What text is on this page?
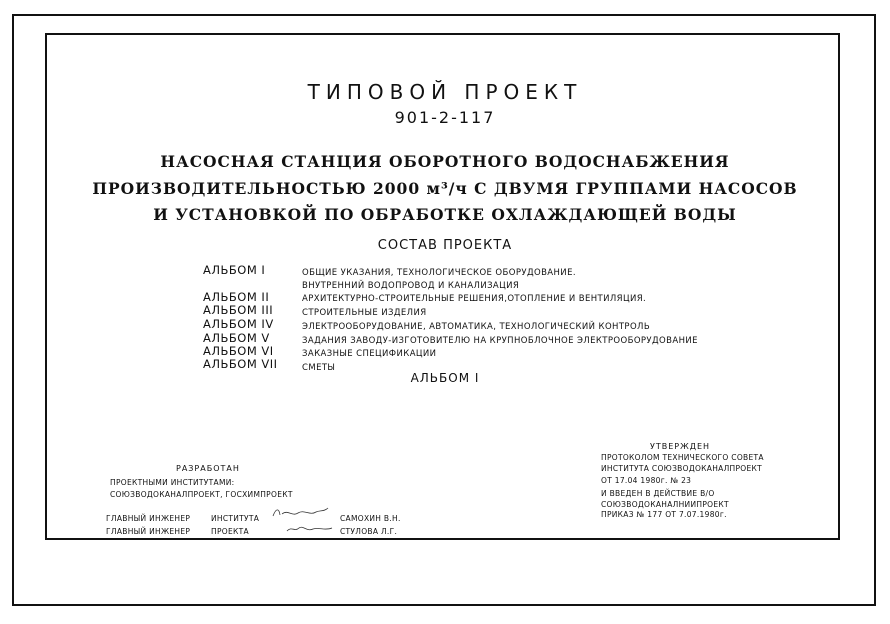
ТИПОВОЙ ПРОЕКТ
901-2-117
НАСОСНАЯ СТАНЦИЯ ОБОРОТНОГО ВОДОСНАБЖЕНИЯ
ПРОИЗВОДИТЕЛЬНОСТЬЮ 2000 м³/ч С ДВУМЯ ГРУППАМИ НАСОСОВ
И УСТАНОВКОЙ ПО ОБРАБОТКЕ ОХЛАЖДАЮЩЕЙ ВОДЫ
СОСТАВ ПРОЕКТА
АЛЬБОМ I	ОБЩИЕ УКАЗАНИЯ, ТЕХНОЛОГИЧЕСКОЕ ОБОРУДОВАНИЕ.
ВНУТРЕННИЙ ВОДОПРОВОД И КАНАЛИЗАЦИЯ
АЛЬБОМ II	АРХИТЕКТУРНО-СТРОИТЕЛЬНЫЕ РЕШЕНИЯ,ОТОПЛЕНИЕ И ВЕНТИЛЯЦИЯ.
АЛЬБОМ III	СТРОИТЕЛЬНЫЕ ИЗДЕЛИЯ
АЛЬБОМ IV	ЭЛЕКТРООБОРУДОВАНИЕ, АВТОМАТИКА, ТЕХНОЛОГИЧЕСКИЙ КОНТРОЛЬ
АЛЬБОМ V	ЗАДАНИЯ ЗАВОДУ-ИЗГОТОВИТЕЛЮ НА КРУПНОБЛОЧНОЕ ЭЛЕКТРООБОРУДОВАНИЕ
АЛЬБОМ VI	ЗАКАЗНЫЕ СПЕЦИФИКАЦИИ
АЛЬБОМ VII	СМЕТЫ
АЛЬБОМ I
РАЗРАБОТАН
ПРОЕКТНЫМИ ИНСТИТУТАМИ:
СОЮЗВОДОКАНАЛПРОЕКТ, ГОСХИМПРОЕКТ
ГЛАВНЫЙ ИНЖЕНЕР	ИНСТИТУТА	САМОХИН В.Н.
ГЛАВНЫЙ ИНЖЕНЕР	ПРОЕКТА	СТУЛОВА Л.Г.
УТВЕРЖДЕН
ПРОТОКОЛОМ ТЕХНИЧЕСКОГО СОВЕТА
ИНСТИТУТА СОЮЗВОДОКАНАЛПРОЕКТ
ОТ 17.04 1980г. № 23
И ВВЕДЕН В ДЕЙСТВИЕ В/О
СОЮЗВОДОКАНАЛНИИПРОЕКТ
ПРИКАЗ № 177 ОТ 7.07.1980г.
